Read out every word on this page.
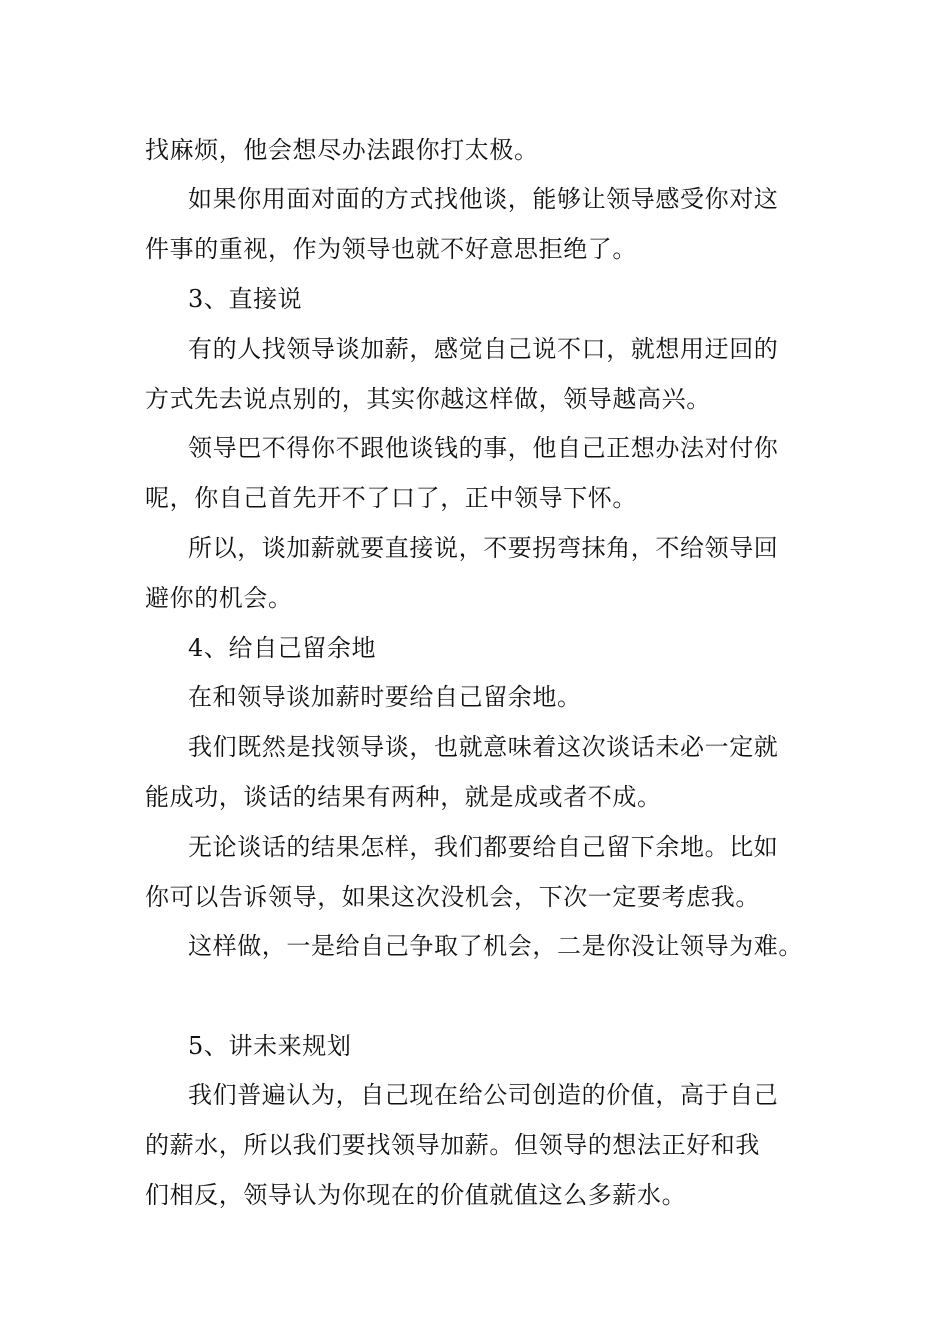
找麻烦，他会想尽办法跟你打太极。
如果你用面对面的方式找他谈，能够让领导感受你对这
件事的重视，作为领导也就不好意思拒绝了。
3、直接说
有的人找领导谈加薪，感觉自己说不口，就想用迂回的
方式先去说点别的，其实你越这样做，领导越高兴。
领导巴不得你不跟他谈钱的事，他自己正想办法对付你
呢，你自己首先开不了口了，正中领导下怀。
所以，谈加薪就要直接说，不要拐弯抹角，不给领导回
避你的机会。
4、给自己留余地
在和领导谈加薪时要给自己留余地。
我们既然是找领导谈，也就意味着这次谈话未必一定就
能成功，谈话的结果有两种，就是成或者不成。
无论谈话的结果怎样，我们都要给自己留下余地。比如
你可以告诉领导，如果这次没机会，下次一定要考虑我。
这样做，一是给自己争取了机会，二是你没让领导为难。
5、讲未来规划
我们普遍认为，自己现在给公司创造的价值，高于自己
的薪水，所以我们要找领导加薪。但领导的想法正好和我
们相反，领导认为你现在的价值就值这么多薪水。
